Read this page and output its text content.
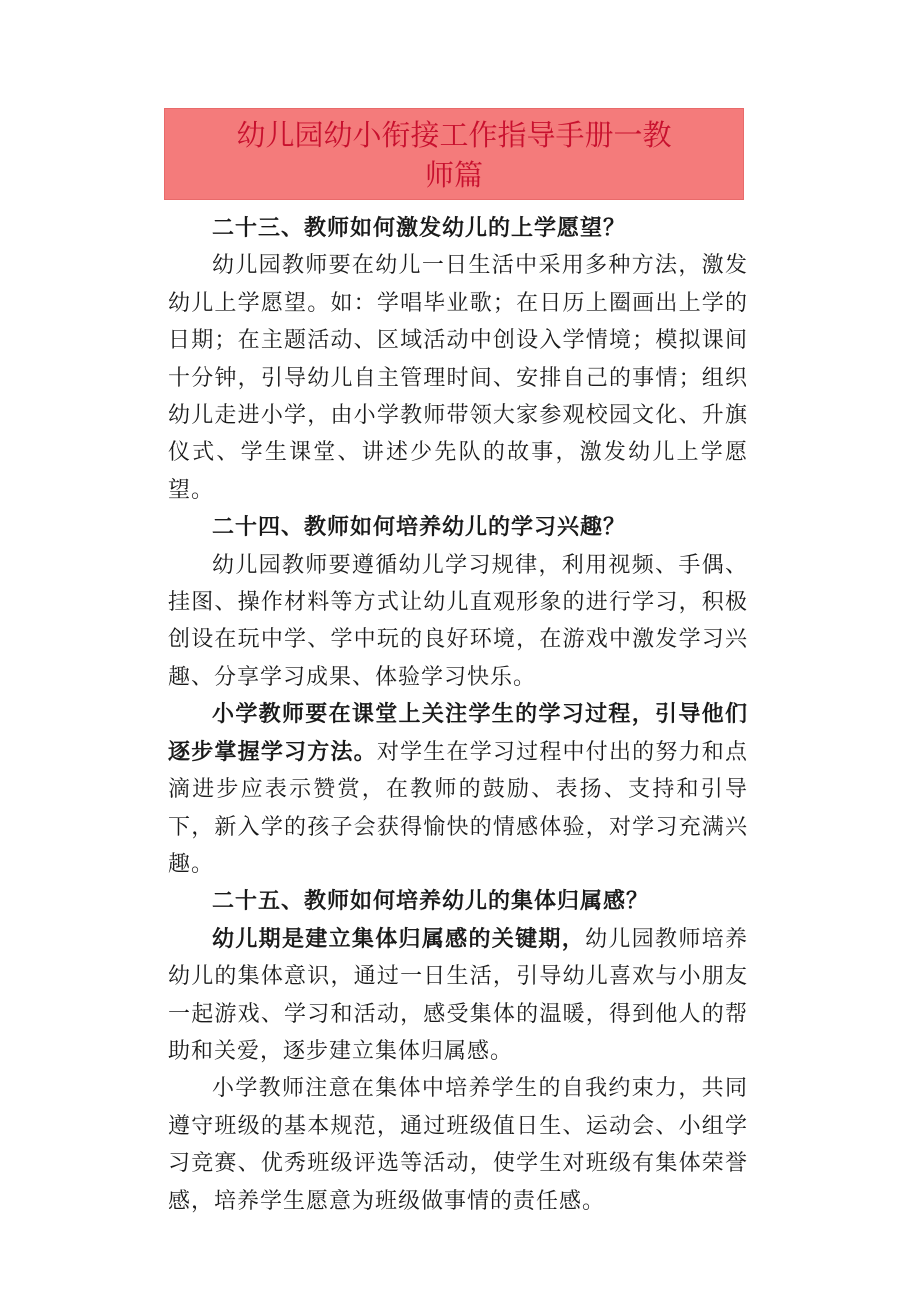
幼儿园幼小衔接工作指导手册一教
师篇

二十三、教师如何激发幼儿的上学愿望？

幼儿园教师要在幼儿一日生活中采用多种方法，激发幼儿上学愿望。如：学唱毕业歌；在日历上圈画出上学的日期；在主题活动、区域活动中创设入学情境；模拟课间十分钟，引导幼儿自主管理时间、安排自己的事情；组织幼儿走进小学，由小学教师带领大家参观校园文化、升旗仪式、学生课堂、讲述少先队的故事，激发幼儿上学愿望。

二十四、教师如何培养幼儿的学习兴趣？

幼儿园教师要遵循幼儿学习规律，利用视频、手偶、挂图、操作材料等方式让幼儿直观形象的进行学习，积极创设在玩中学、学中玩的良好环境，在游戏中激发学习兴趣、分享学习成果、体验学习快乐。

小学教师要在课堂上关注学生的学习过程，引导他们逐步掌握学习方法。对学生在学习过程中付出的努力和点滴进步应表示赞赏，在教师的鼓励、表扬、支持和引导下，新入学的孩子会获得愉快的情感体验，对学习充满兴趣。

二十五、教师如何培养幼儿的集体归属感？

幼儿期是建立集体归属感的关键期，幼儿园教师培养幼儿的集体意识，通过一日生活，引导幼儿喜欢与小朋友一起游戏、学习和活动，感受集体的温暖，得到他人的帮助和关爱，逐步建立集体归属感。

小学教师注意在集体中培养学生的自我约束力，共同遵守班级的基本规范，通过班级值日生、运动会、小组学习竞赛、优秀班级评选等活动，使学生对班级有集体荣誉感，培养学生愿意为班级做事情的责任感。
